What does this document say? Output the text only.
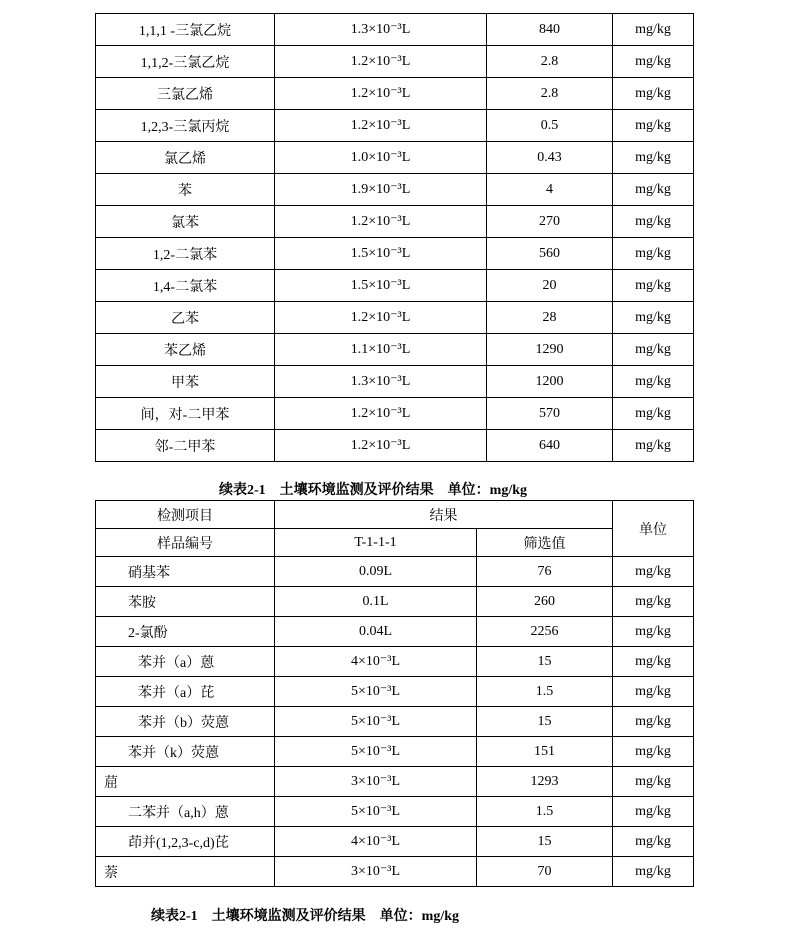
1,1,1 -三氯乙烷	1.3×10⁻³L	840	mg/kg
1,1,2-三氯乙烷	1.2×10⁻³L	2.8	mg/kg
三氯乙烯	1.2×10⁻³L	2.8	mg/kg
1,2,3-三氯丙烷	1.2×10⁻³L	0.5	mg/kg
氯乙烯	1.0×10⁻³L	0.43	mg/kg
苯	1.9×10⁻³L	4	mg/kg
氯苯	1.2×10⁻³L	270	mg/kg
1,2-二氯苯	1.5×10⁻³L	560	mg/kg
1,4-二氯苯	1.5×10⁻³L	20	mg/kg
乙苯	1.2×10⁻³L	28	mg/kg
苯乙烯	1.1×10⁻³L	1290	mg/kg
甲苯	1.3×10⁻³L	1200	mg/kg
间，对-二甲苯	1.2×10⁻³L	570	mg/kg
邻-二甲苯	1.2×10⁻³L	640	mg/kg
续表2-1　土壤环境监测及评价结果　单位：mg/kg
检测项目	结果		单位
样品编号	T-1-1-1	筛选值	
硝基苯	0.09L	76	mg/kg
苯胺	0.1L	260	mg/kg
2-氯酚	0.04L	2256	mg/kg
苯并（a）蒽	4×10⁻³L	15	mg/kg
苯并（a）芘	5×10⁻³L	1.5	mg/kg
苯并（b）荧蒽	5×10⁻³L	15	mg/kg
苯并（k）荧蒽	5×10⁻³L	151	mg/kg
䓛	3×10⁻³L	1293	mg/kg
二苯并（a,h）蒽	5×10⁻³L	1.5	mg/kg
茚并(1,2,3-c,d)芘	4×10⁻³L	15	mg/kg
萘	3×10⁻³L	70	mg/kg
续表2-1　土壤环境监测及评价结果　单位：mg/kg
